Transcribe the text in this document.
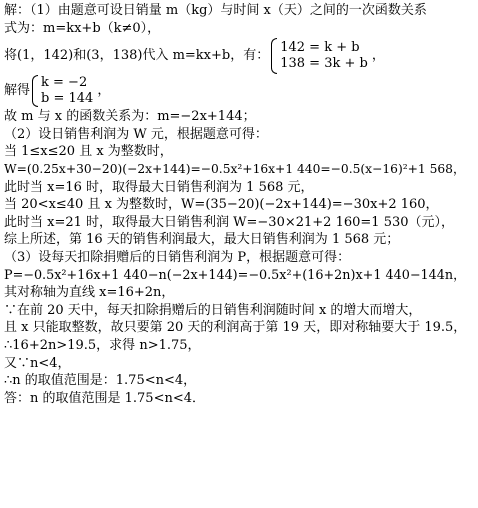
解：（1）由题意可设日销量 m（kg）与时间 x（天）之间的一次函数关系
式为：m=kx+b（k≠0），
将(1，142)和(3，138)代入 m=kx+b，有：
142 = k + b
138 = 3k + b
，
解得
k = −2
b = 144
，
故 m 与 x 的函数关系为：m=−2x+144；
（2）设日销售利润为 W 元，根据题意可得：
当 1≤x≤20 且 x 为整数时，
W=(0.25x+30−20)(−2x+144)=−0.5x²+16x+1 440=−0.5(x−16)²+1 568，
此时当 x=16 时，取得最大日销售利润为 1 568 元，
当 20<x≤40 且 x 为整数时，W=(35−20)(−2x+144)=−30x+2 160，
此时当 x=21 时，取得最大日销售利润 W=−30×21+2 160=1 530（元），
综上所述，第 16 天的销售利润最大，最大日销售利润为 1 568 元；
（3）设每天扣除捐赠后的日销售利润为 P，根据题意可得：
P=−0.5x²+16x+1 440−n(−2x+144)=−0.5x²+(16+2n)x+1 440−144n，
其对称轴为直线 x=16+2n，
∵在前 20 天中，每天扣除捐赠后的日销售利润随时间 x 的增大而增大，
且 x 只能取整数，故只要第 20 天的利润高于第 19 天，即对称轴要大于 19.5，
∴16+2n>19.5，求得 n>1.75，
又∵n<4，
∴n 的取值范围是：1.75<n<4，
答：n 的取值范围是 1.75<n<4．
